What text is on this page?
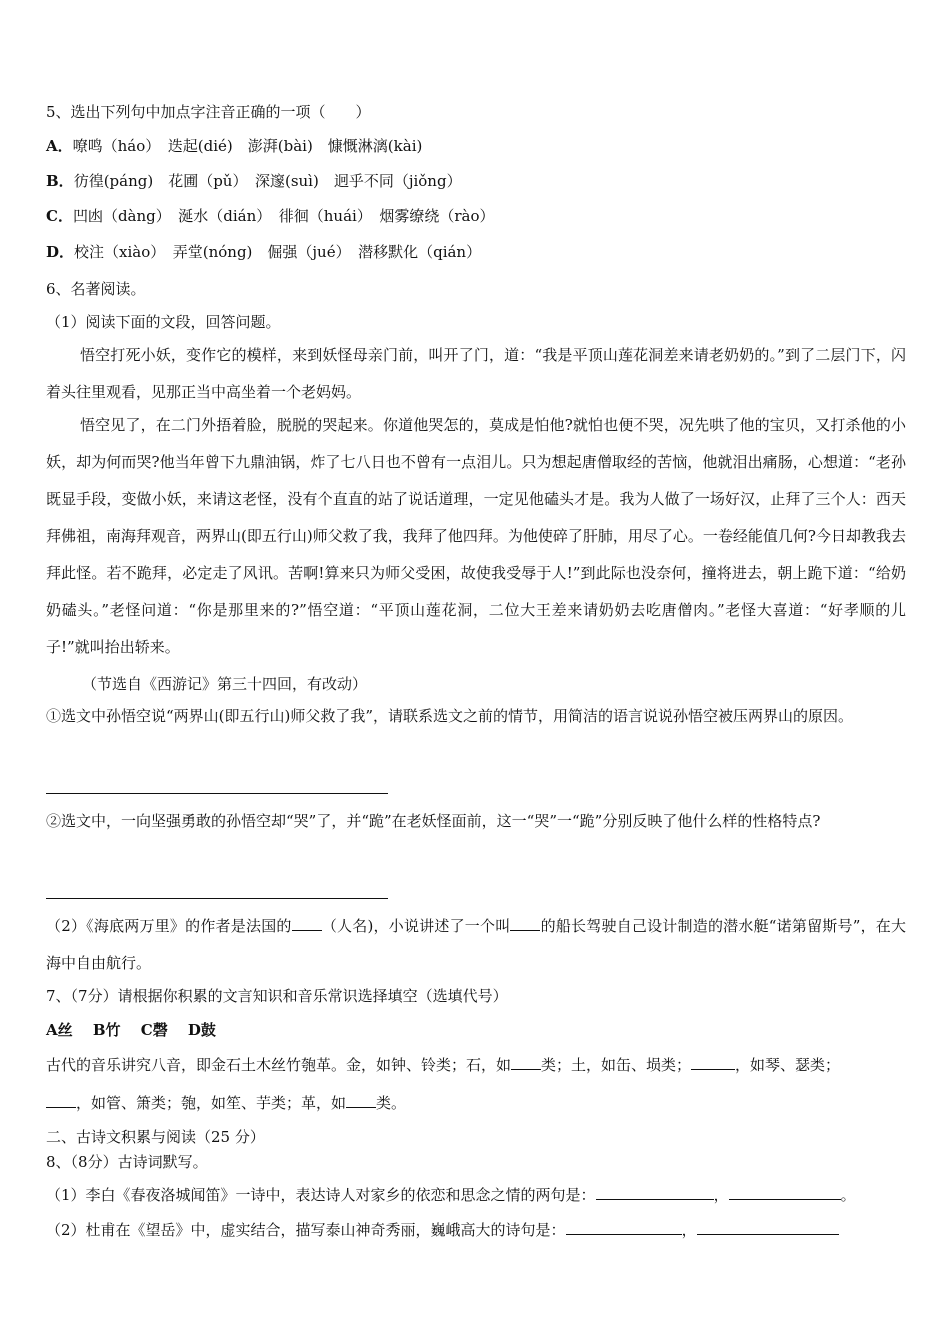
5、选出下列句中加点字注音正确的一项（　　）
A．嘹鸣（háo）　迭起(dié)　澎湃(bài)　慷慨淋漓(kài)
B．彷徨(páng)　花圃（pǔ）　深邃(suì)　迥乎不同（jiǒng）
C．凹凼（dàng）　涎水（dián）　徘徊（huái）　烟雾缭绕（rào）
D．校注（xiào）　弄堂(nóng)　倔强（jué）　潜移默化（qián）
6、名著阅读。
（1）阅读下面的文段，回答问题。
悟空打死小妖，变作它的模样，来到妖怪母亲门前，叫开了门，道：“我是平顶山莲花洞差来请老奶奶的。”到了二层门下，闪着头往里观看，见那正当中高坐着一个老妈妈。
悟空见了，在二门外捂着脸，脱脱的哭起来。你道他哭怎的，莫成是怕他?就怕也便不哭，况先哄了他的宝贝，又打杀他的小妖，却为何而哭?他当年曾下九鼎油锅，炸了七八日也不曾有一点泪儿。只为想起唐僧取经的苦恼，他就泪出痛肠，心想道：“老孙既显手段，变做小妖，来请这老怪，没有个直直的站了说话道理，一定见他磕头才是。我为人做了一场好汉，止拜了三个人：西天拜佛祖，南海拜观音，两界山(即五行山)师父救了我，我拜了他四拜。为他使碎了肝肺，用尽了心。一卷经能值几何?今日却教我去拜此怪。若不跪拜，必定走了风讯。苦啊!算来只为师父受困，故使我受辱于人!”到此际也没奈何，撞将进去，朝上跪下道：“给奶奶磕头。”老怪问道：“你是那里来的?”悟空道：“平顶山莲花洞，二位大王差来请奶奶去吃唐僧肉。”老怪大喜道：“好孝顺的儿子!”就叫抬出轿来。
（节选自《西游记》第三十四回，有改动）
①选文中孙悟空说“两界山(即五行山)师父救了我”，请联系选文之前的情节，用简洁的语言说说孙悟空被压两界山的原因。
②选文中，一向坚强勇敢的孙悟空却“哭”了，并“跪”在老妖怪面前，这一“哭”一“跪”分别反映了他什么样的性格特点?
（2）《海底两万里》的作者是法国的 （人名)，小说讲述了一个叫 的船长驾驶自己设计制造的潜水艇“诺第留斯号”，在大海中自由航行。
7、（7分）请根据你积累的文言知识和音乐常识选择填空（选填代号）
A丝　 B竹　 C磬　 D鼓
古代的音乐讲究八音，即金石土木丝竹匏革。金，如钟、铃类；石，如 类；土，如缶、埙类；	，如琴、瑟类；
，如管、箫类；匏，如笙、芋类；革，如 类。
二、古诗文积累与阅读（25 分）
8、（8分）古诗词默写。
（1）李白《春夜洛城闻笛》一诗中，表达诗人对家乡的依恋和思念之情的两句是：	，	。
（2）杜甫在《望岳》中，虚实结合，描写泰山神奇秀丽，巍峨高大的诗句是：	，
